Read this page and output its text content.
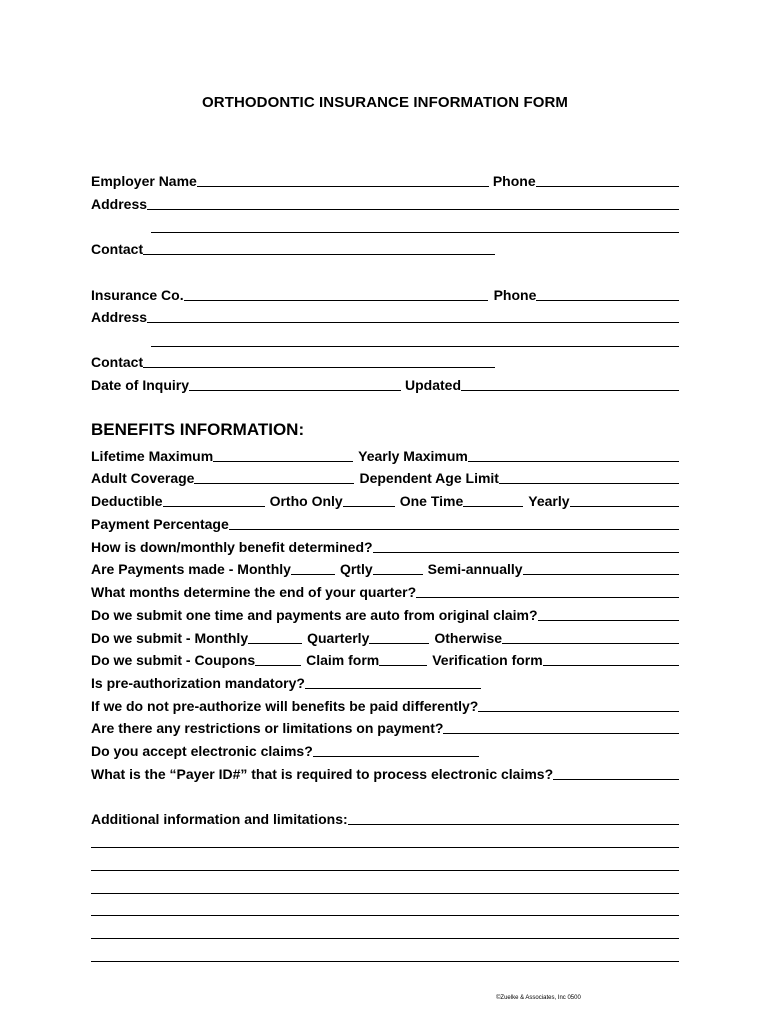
ORTHODONTIC INSURANCE INFORMATION FORM
Employer Name	Phone
Address
Contact
Insurance Co.	Phone
Address
Contact
Date of Inquiry	Updated
BENEFITS INFORMATION:
Lifetime Maximum	Yearly Maximum
Adult Coverage	Dependent Age Limit
Deductible	Ortho Only	One Time	Yearly
Payment Percentage
How is down/monthly benefit determined?
Are Payments made - Monthly	Qrtly	Semi-annually
What months determine the end of your quarter?
Do we submit one time and payments are auto from original claim?
Do we submit - Monthly	Quarterly	Otherwise
Do we submit - Coupons	Claim form	Verification form
Is pre-authorization mandatory?
If we do not pre-authorize will benefits be paid differently?
Are there any restrictions or limitations on payment?
Do you accept electronic claims?
What is the “Payer ID#” that is required to process electronic claims?
Additional information and limitations:
©Zuelke & Associates, Inc 0500
